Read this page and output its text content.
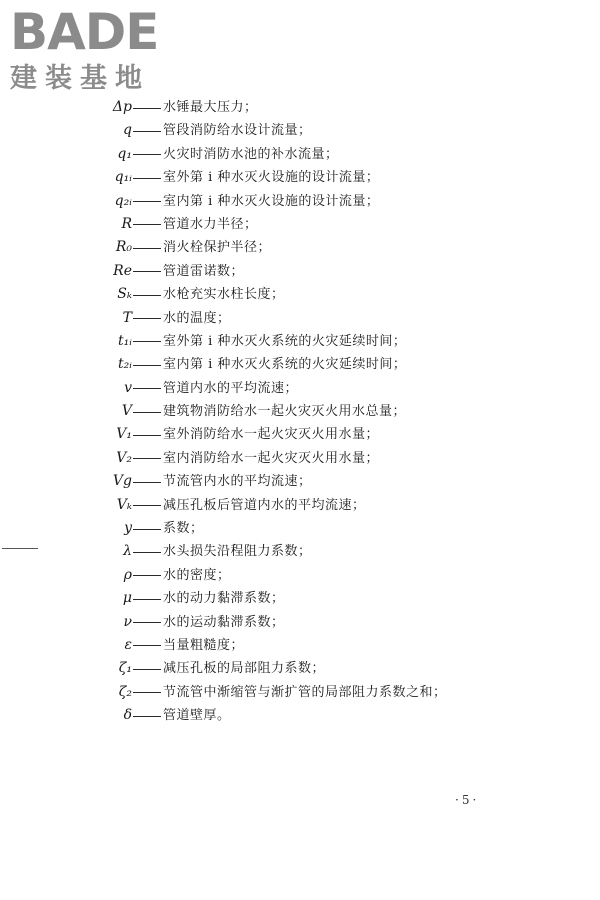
BADE
建装基地
Δp 水锤最大压力；
q 管段消防给水设计流量；
q₁ 火灾时消防水池的补水流量；
q₁ᵢ 室外第 i 种水灭火设施的设计流量；
q₂ᵢ 室内第 i 种水灭火设施的设计流量；
R 管道水力半径；
R₀ 消火栓保护半径；
Re 管道雷诺数；
Sₖ 水枪充实水柱长度；
T 水的温度；
t₁ᵢ 室外第 i 种水灭火系统的火灾延续时间；
t₂ᵢ 室内第 i 种水灭火系统的火灾延续时间；
v 管道内水的平均流速；
V 建筑物消防给水一起火灾灭火用水总量；
V₁ 室外消防给水一起火灾灭火用水量；
V₂ 室内消防给水一起火灾灭火用水量；
Vg 节流管内水的平均流速；
Vₖ 减压孔板后管道内水的平均流速；
y 系数；
λ 水头损失沿程阻力系数；
ρ 水的密度；
μ 水的动力黏滞系数；
ν 水的运动黏滞系数；
ε 当量粗糙度；
ζ₁ 减压孔板的局部阻力系数；
ζ₂ 节流管中渐缩管与渐扩管的局部阻力系数之和；
δ 管道壁厚。
·5·
